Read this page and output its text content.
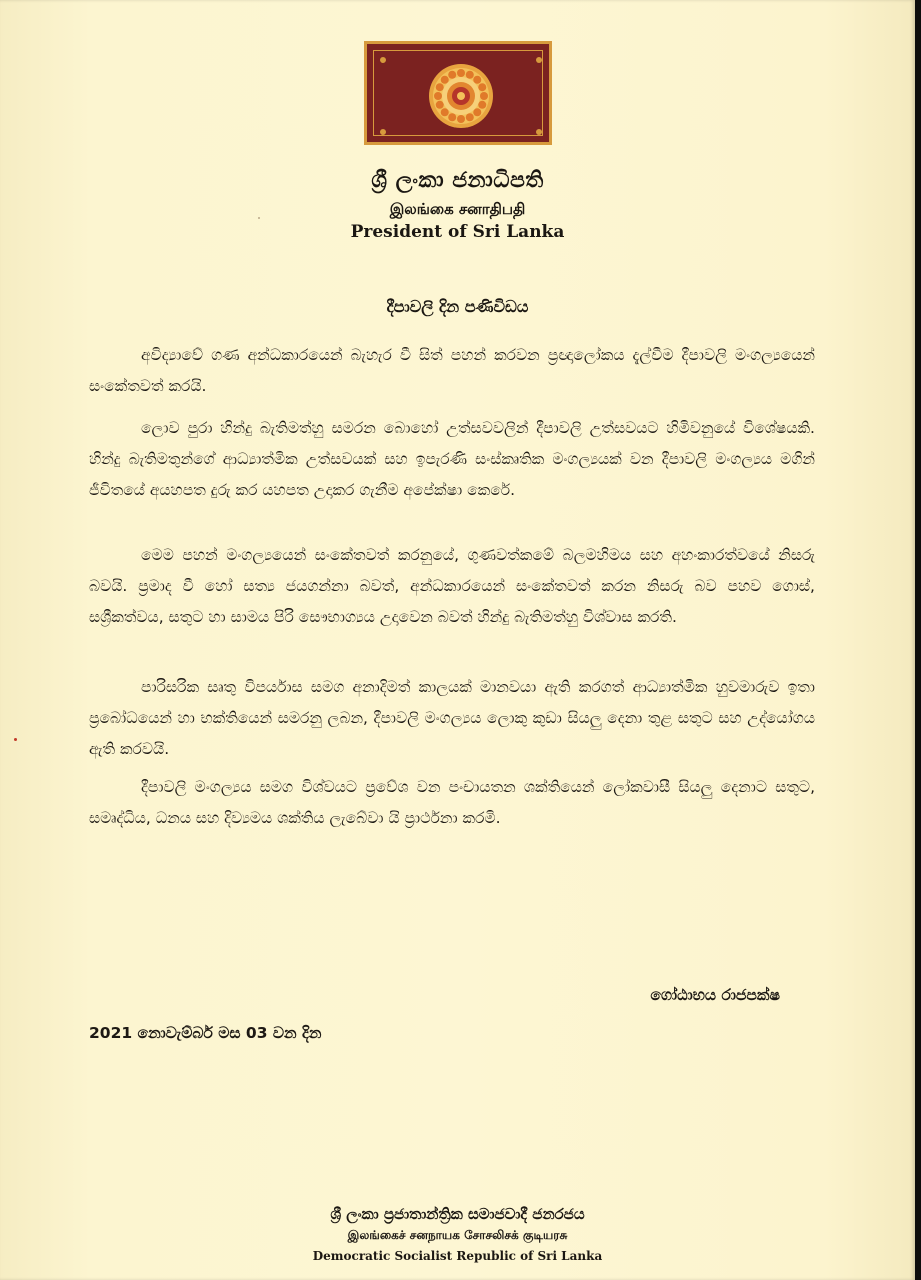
ශ්‍රී ලංකා ජනාධිපති
இலங்கை சனாதிபதி
President of Sri Lanka
දීපාවලි දින පණිවිඩය

අවිද්‍යාවේ ගණ අන්ධකාරයෙන් බැහැර වී සිත් පහන් කරවන ප්‍රඥාලෝකය දැල්වීම දීපාවලි මංගල්‍යයෙන් සංකේතවත් කරයි.

ලොව පුරා හින්දු බැතිමත්හු සමරන බොහෝ උත්සවවලින් දීපාවලි උත්සවයට හිමිවනුයේ විශේෂයකි. හින්දු බැතිමතුන්ගේ ආධ්‍යාත්මික උත්සවයක් සහ ඉපැරණි සංස්කෘතික මංගල්‍යයක් වන දීපාවලි මංගල්‍යය මගින් ජීවිතයේ අයහපත දුරු කර යහපත උදාකර ගැනීම අපේක්ෂා කෙරේ.

මෙම පහන් මංගල්‍යයෙන් සංකේතවත් කරනුයේ, ගුණවත්කමේ බලමහිමය සහ අහංකාරත්වයේ නිසරු බවයි. ප්‍රමාද වී හෝ සත්‍ය ජයගන්නා බවත්, අන්ධකාරයෙන් සංකේතවත් කරන නිසරු බව පහව ගොස්, සශ්‍රීකත්වය, සතුට හා සාමය පිරි සෞභාග්‍යය උදාවෙන බවත් හින්දු බැතිමත්හු විශ්වාස කරති.

පාරිසරික සෘතු විපර්යාස සමග අනාදිමත් කාලයක් මානවයා ඇති කරගත් ආධ්‍යාත්මික හුවමාරුව ඉතා ප්‍රබෝධයෙන් හා භක්තියෙන් සමරනු ලබන, දීපාවලි මංගල්‍යය ලොකු කුඩා සියලු දෙනා තුළ සතුට සහ උද්යෝගය ඇති කරවයි.

දීපාවලි මංගල්‍යය සමග විශ්වයට ප්‍රවේශ වන පංචායතන ශක්තියෙන් ලෝකවාසී සියලු දෙනාට සතුට, සමෘද්ධිය, ධනය සහ දිව්‍යමය ශක්තිය ලැබේවා යි ප්‍රාර්ථනා කරමි.

ගෝඨාභය රාජපක්ෂ
2021 නොවැම්බර් මස 03 වන දින
ශ්‍රී ලංකා ප්‍රජාතාන්ත්‍රික සමාජවාදී ජනරජය
இலங்கைச் சனநாயக சோசலிசக் குடியரசு
Democratic Socialist Republic of Sri Lanka
